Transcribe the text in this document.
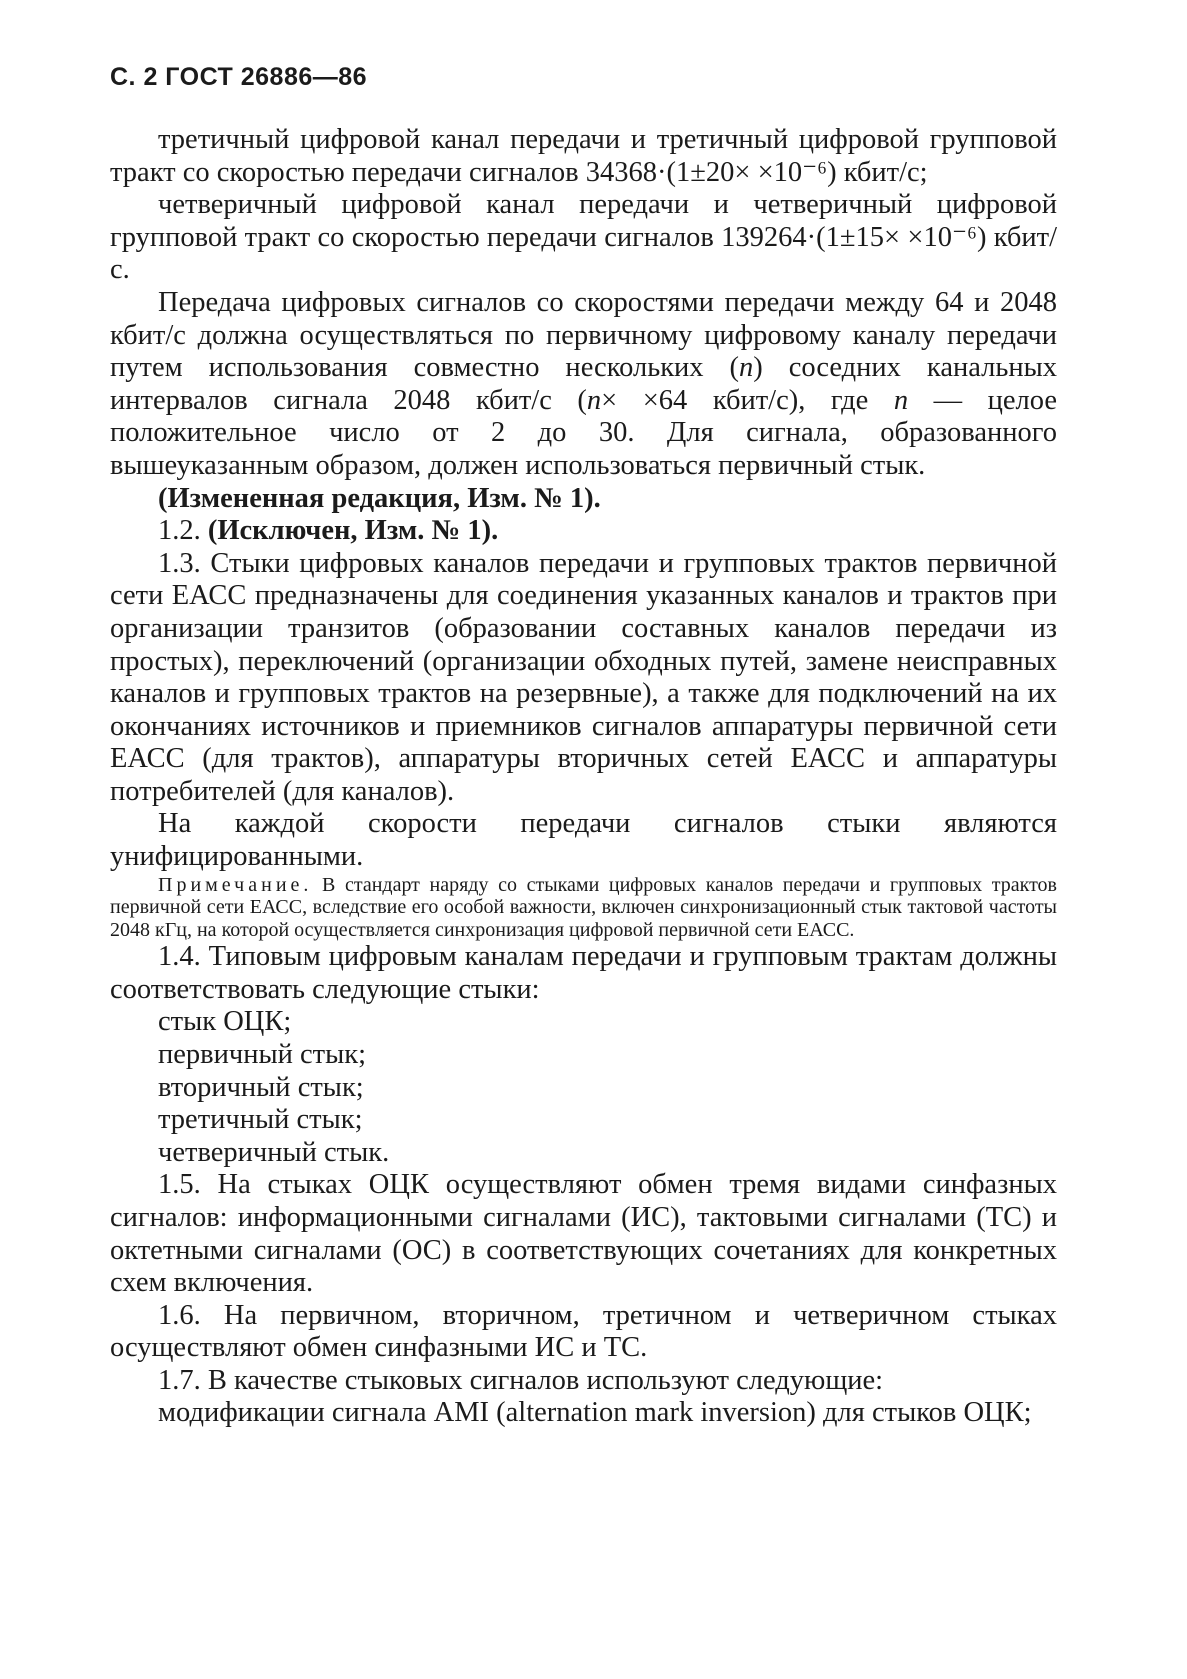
С. 2 ГОСТ 26886—86

третичный цифровой канал передачи и третичный цифровой групповой тракт со скоростью передачи сигналов 34368·(1±20× ×10⁻⁶) кбит/с;

четверичный цифровой канал передачи и четверичный цифровой групповой тракт со скоростью передачи сигналов 139264·(1±15× ×10⁻⁶) кбит/с.

Передача цифровых сигналов со скоростями передачи между 64 и 2048 кбит/с должна осуществляться по первичному цифровому каналу передачи путем использования совместно нескольких (n) соседних канальных интервалов сигнала 2048 кбит/с (n× ×64 кбит/с), где n — целое положительное число от 2 до 30. Для сигнала, образованного вышеуказанным образом, должен использоваться первичный стык.

(Измененная редакция, Изм. № 1).

1.2. (Исключен, Изм. № 1).

1.3. Стыки цифровых каналов передачи и групповых трактов первичной сети ЕАСС предназначены для соединения указанных каналов и трактов при организации транзитов (образовании составных каналов передачи из простых), переключений (организации обходных путей, замене неисправных каналов и групповых трактов на резервные), а также для подключений на их окончаниях источников и приемников сигналов аппаратуры первичной сети ЕАСС (для трактов), аппаратуры вторичных сетей ЕАСС и аппаратуры потребителей (для каналов).

На каждой скорости передачи сигналов стыки являются унифицированными.

Примечание. В стандарт наряду со стыками цифровых каналов передачи и групповых трактов первичной сети ЕАСС, вследствие его особой важности, включен синхронизационный стык тактовой частоты 2048 кГц, на которой осуществляется синхронизация цифровой первичной сети ЕАСС.

1.4. Типовым цифровым каналам передачи и групповым трактам должны соответствовать следующие стыки:

стык ОЦК;

первичный стык;

вторичный стык;

третичный стык;

четверичный стык.

1.5. На стыках ОЦК осуществляют обмен тремя видами синфазных сигналов: информационными сигналами (ИС), тактовыми сигналами (ТС) и октетными сигналами (ОС) в соответствующих сочетаниях для конкретных схем включения.

1.6. На первичном, вторичном, третичном и четверичном стыках осуществляют обмен синфазными ИС и ТС.

1.7. В качестве стыковых сигналов используют следующие:

модификации сигнала AMI (alternation mark inversion) для стыков ОЦК;
